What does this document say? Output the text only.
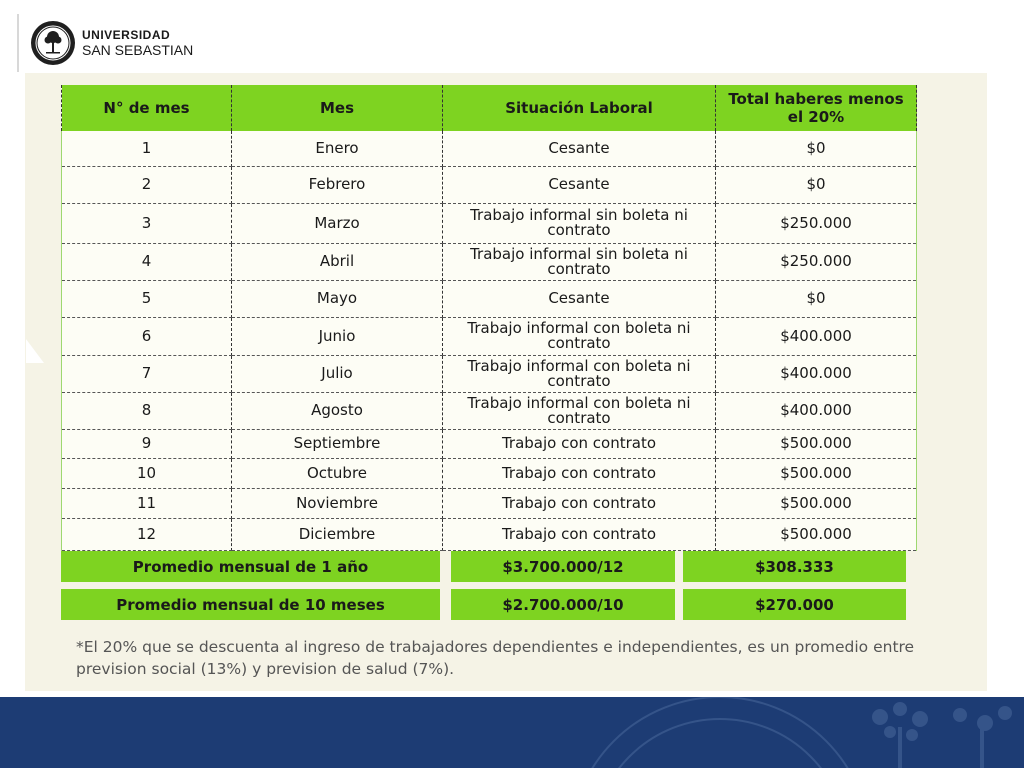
UNIVERSIDAD
SAN SEBASTIAN
N° de mes	Mes	Situación Laboral	Total haberes menos el 20%
1	Enero	Cesante	$0
2	Febrero	Cesante	$0
3	Marzo	Trabajo informal sin boleta ni contrato	$250.000
4	Abril	Trabajo informal sin boleta ni contrato	$250.000
5	Mayo	Cesante	$0
6	Junio	Trabajo informal con boleta ni contrato	$400.000
7	Julio	Trabajo informal con boleta ni contrato	$400.000
8	Agosto	Trabajo informal con boleta ni contrato	$400.000
9	Septiembre	Trabajo con contrato	$500.000
10	Octubre	Trabajo con contrato	$500.000
11	Noviembre	Trabajo con contrato	$500.000
12	Diciembre	Trabajo con contrato	$500.000
Promedio mensual de 1 año	$3.700.000/12	$308.333
Promedio mensual de 10 meses	$2.700.000/10	$270.000
*El 20% que se descuenta al ingreso de trabajadores dependientes e independientes, es un promedio entre prevision social (13%) y prevision de salud (7%).
